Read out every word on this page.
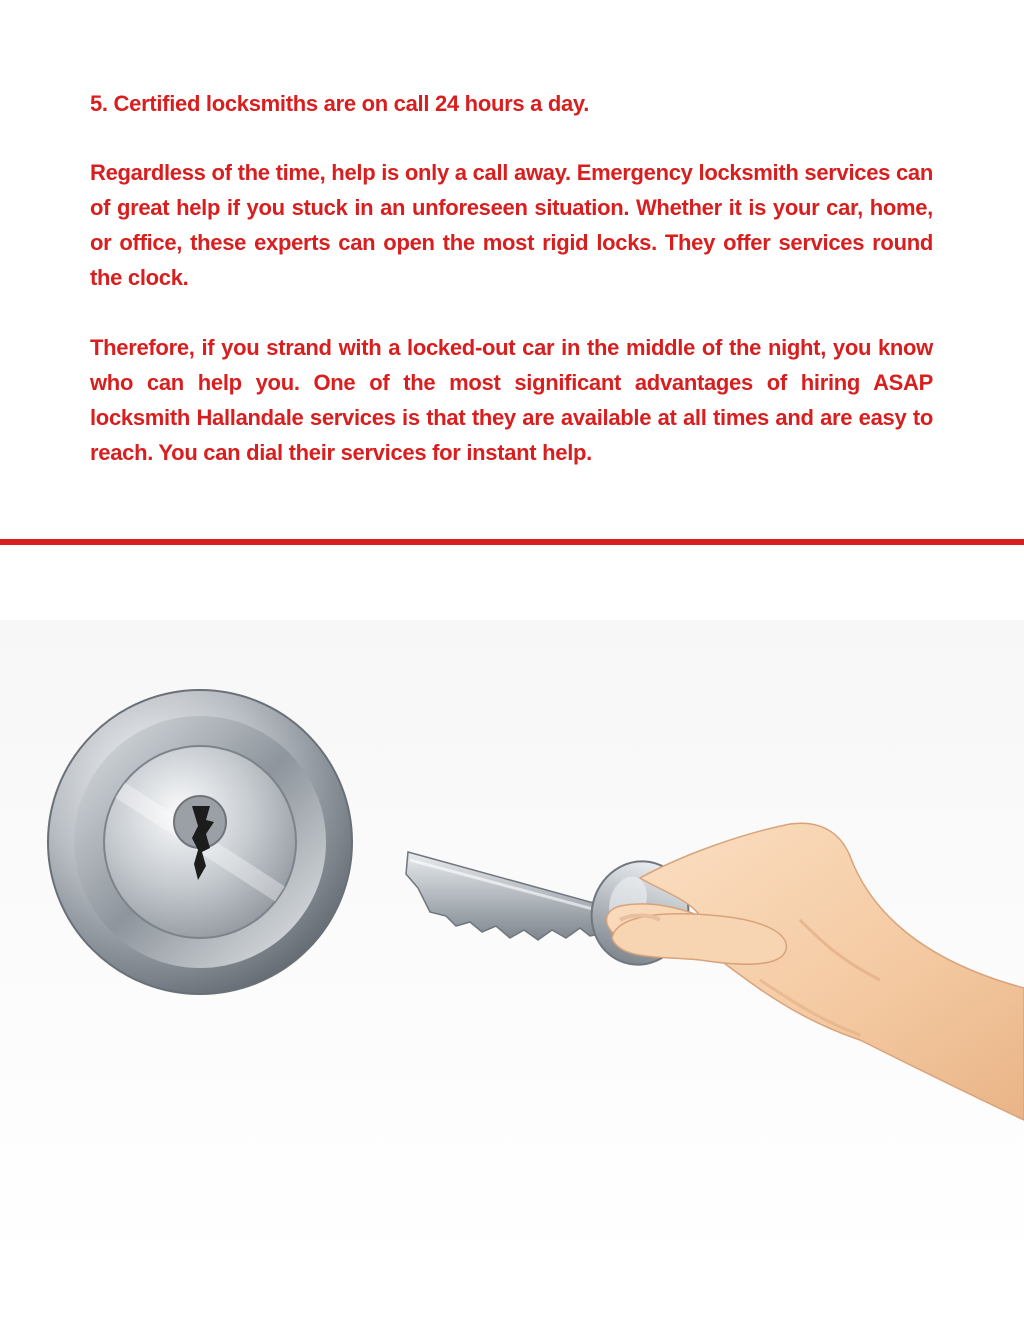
5. Certified locksmiths are on call 24 hours a day.
Regardless of the time, help is only a call away. Emergency locksmith services can of great help if you stuck in an unforeseen situation. Whether it is your car, home, or office, these experts can open the most rigid locks. They offer services round the clock.
Therefore, if you strand with a locked-out car in the middle of the night, you know who can help you. One of the most significant advantages of hiring ASAP locksmith Hallandale services is that they are available at all times and are easy to reach. You can dial their services for instant help.
